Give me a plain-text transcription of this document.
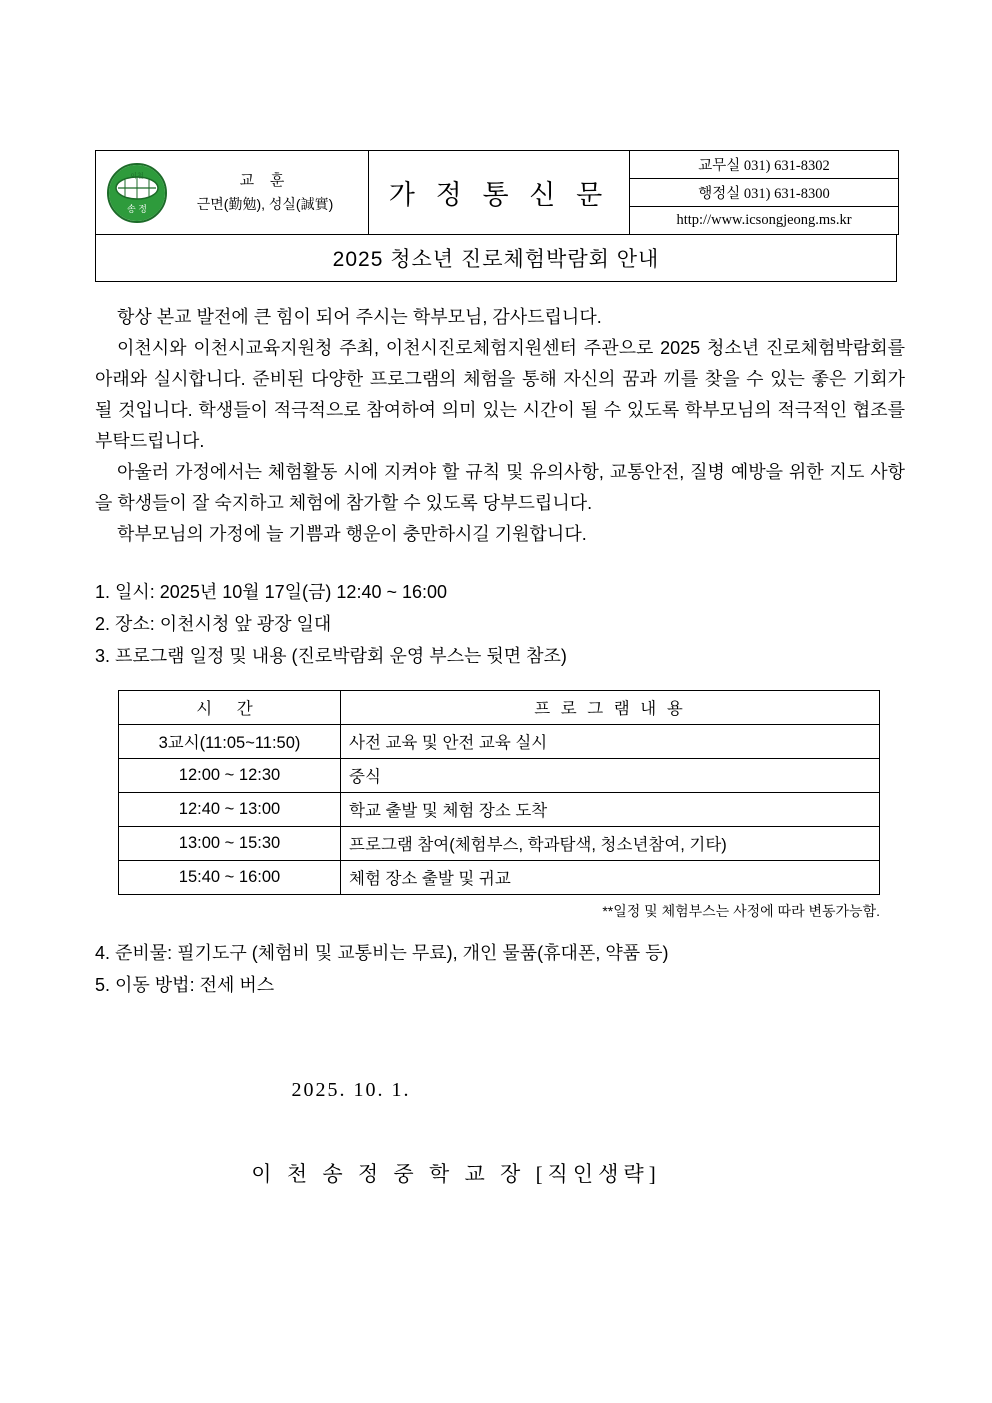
이천
송 정
교 훈
근면(勤勉), 성실(誠實)	가 정 통 신 문

교무실 031) 631-8302
행정실 031) 631-8300
http://www.icsongjeong.ms.kr
2025 청소년 진로체험박람회 안내

항상 본교 발전에 큰 힘이 되어 주시는 학부모님, 감사드립니다.

이천시와 이천시교육지원청 주최, 이천시진로체험지원센터 주관으로 2025 청소년 진로체험박람회를 아래와 실시합니다. 준비된 다양한 프로그램의 체험을 통해 자신의 꿈과 끼를 찾을 수 있는 좋은 기회가 될 것입니다. 학생들이 적극적으로 참여하여 의미 있는 시간이 될 수 있도록 학부모님의 적극적인 협조를 부탁드립니다.

아울러 가정에서는 체험활동 시에 지켜야 할 규칙 및 유의사항, 교통안전, 질병 예방을 위한 지도 사항을 학생들이 잘 숙지하고 체험에 참가할 수 있도록 당부드립니다.

학부모님의 가정에 늘 기쁨과 행운이 충만하시길 기원합니다.

1. 일시: 2025년 10월 17일(금) 12:40 ~ 16:00
2. 장소: 이천시청 앞 광장 일대
3. 프로그램 일정 및 내용 (진로박람회 운영 부스는 뒷면 참조)
시 간	프 로 그 램 내 용
3교시(11:05~11:50)	사전 교육 및 안전 교육 실시
12:00 ~ 12:30	중식
12:40 ~ 13:00	학교 출발 및 체험 장소 도착
13:00 ~ 15:30	프로그램 참여(체험부스, 학과탐색, 청소년참여, 기타)
15:40 ~ 16:00	체험 장소 출발 및 귀교
**일정 및 체험부스는 사정에 따라 변동가능함.
4. 준비물: 필기도구 (체험비 및 교통비는 무료), 개인 물품(휴대폰, 약품 등)
5. 이동 방법: 전세 버스
2025. 10. 1.
이 천 송 정 중 학 교 장 [직인생략]
